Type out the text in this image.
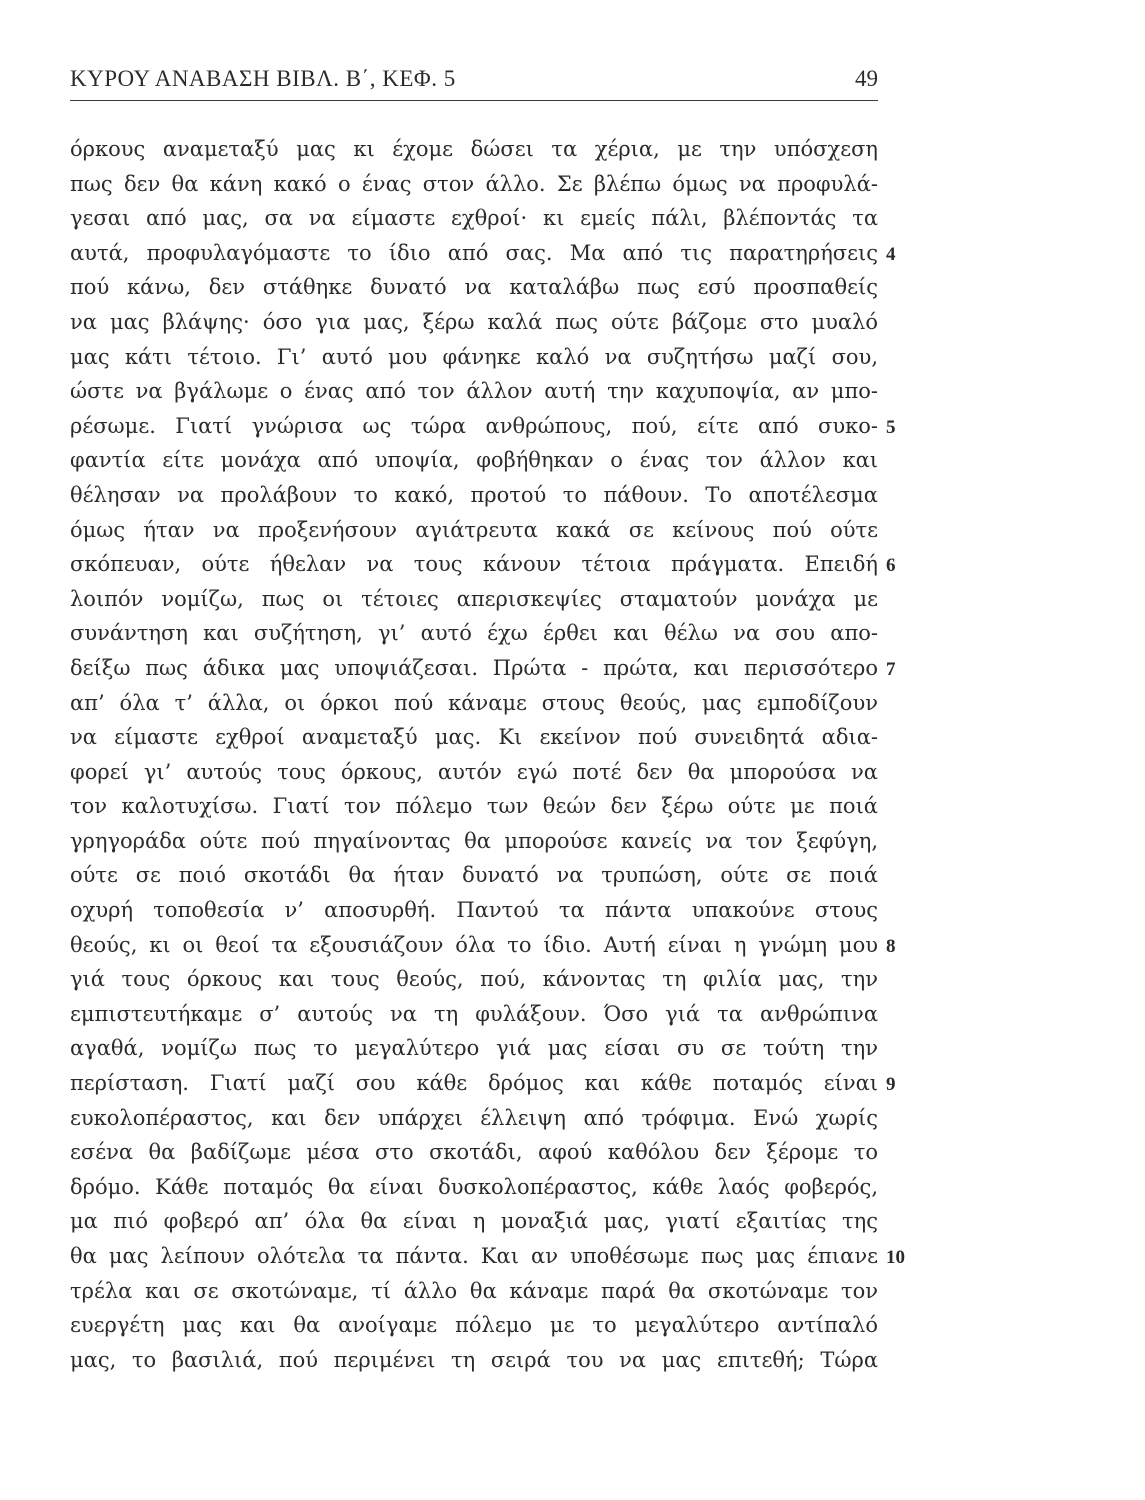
ΚΥΡΟΥ ΑΝΑΒΑΣΗ ΒΙΒΛ. Β΄, ΚΕΦ. 5	49
όρκους αναμεταξύ μας κι έχομε δώσει τα χέρια, με την υπόσχεση
πως δεν θα κάνη κακό ο ένας στον άλλο. Σε βλέπω όμως να προφυλά-
γεσαι από μας, σα να είμαστε εχθροί· κι εμείς πάλι, βλέποντάς τα
αυτά, προφυλαγόμαστε το ίδιο από σας. Μα από τις παρατηρήσεις
πού κάνω, δεν στάθηκε δυνατό να καταλάβω πως εσύ προσπαθείς
να μας βλάψης· όσο για μας, ξέρω καλά πως ούτε βάζομε στο μυαλό
μας κάτι τέτοιο. Γι’ αυτό μου φάνηκε καλό να συζητήσω μαζί σου,
ώστε να βγάλωμε ο ένας από τον άλλον αυτή την καχυποψία, αν μπο-
ρέσωμε. Γιατί γνώρισα ως τώρα ανθρώπους, πού, είτε από συκο-
φαντία είτε μονάχα από υποψία, φοβήθηκαν ο ένας τον άλλον και
θέλησαν να προλάβουν το κακό, προτού το πάθουν. Το αποτέλεσμα
όμως ήταν να προξενήσουν αγιάτρευτα κακά σε κείνους πού ούτε
σκόπευαν, ούτε ήθελαν να τους κάνουν τέτοια πράγματα. Επειδή
λοιπόν νομίζω, πως οι τέτοιες απερισκεψίες σταματούν μονάχα με
συνάντηση και συζήτηση, γι’ αυτό έχω έρθει και θέλω να σου απο-
δείξω πως άδικα μας υποψιάζεσαι. Πρώτα - πρώτα, και περισσότερο
απ’ όλα τ’ άλλα, οι όρκοι πού κάναμε στους θεούς, μας εμποδίζουν
να είμαστε εχθροί αναμεταξύ μας. Κι εκείνον πού συνειδητά αδια-
φορεί γι’ αυτούς τους όρκους, αυτόν εγώ ποτέ δεν θα μπορούσα να
τον καλοτυχίσω. Γιατί τον πόλεμο των θεών δεν ξέρω ούτε με ποιά
γρηγοράδα ούτε πού πηγαίνοντας θα μπορούσε κανείς να τον ξεφύγη,
ούτε σε ποιό σκοτάδι θα ήταν δυνατό να τρυπώση, ούτε σε ποιά
οχυρή τοποθεσία ν’ αποσυρθή. Παντού τα πάντα υπακούνε στους
θεούς, κι οι θεοί τα εξουσιάζουν όλα το ίδιο. Αυτή είναι η γνώμη μου
γιά τους όρκους και τους θεούς, πού, κάνοντας τη φιλία μας, την
εμπιστευτήκαμε σ’ αυτούς να τη φυλάξουν. Όσο γιά τα ανθρώπινα
αγαθά, νομίζω πως το μεγαλύτερο γιά μας είσαι συ σε τούτη την
περίσταση. Γιατί μαζί σου κάθε δρόμος και κάθε ποταμός είναι
ευκολοπέραστος, και δεν υπάρχει έλλειψη από τρόφιμα. Ενώ χωρίς
εσένα θα βαδίζωμε μέσα στο σκοτάδι, αφού καθόλου δεν ξέρομε το
δρόμο. Κάθε ποταμός θα είναι δυσκολοπέραστος, κάθε λαός φοβερός,
μα πιό φοβερό απ’ όλα θα είναι η μοναξιά μας, γιατί εξαιτίας της
θα μας λείπουν ολότελα τα πάντα. Και αν υποθέσωμε πως μας έπιανε
τρέλα και σε σκοτώναμε, τί άλλο θα κάναμε παρά θα σκοτώναμε τον
ευεργέτη μας και θα ανοίγαμε πόλεμο με το μεγαλύτερο αντίπαλό
μας, το βασιλιά, πού περιμένει τη σειρά του να μας επιτεθή; Τώρα
4
5
6
7
8
9
10
